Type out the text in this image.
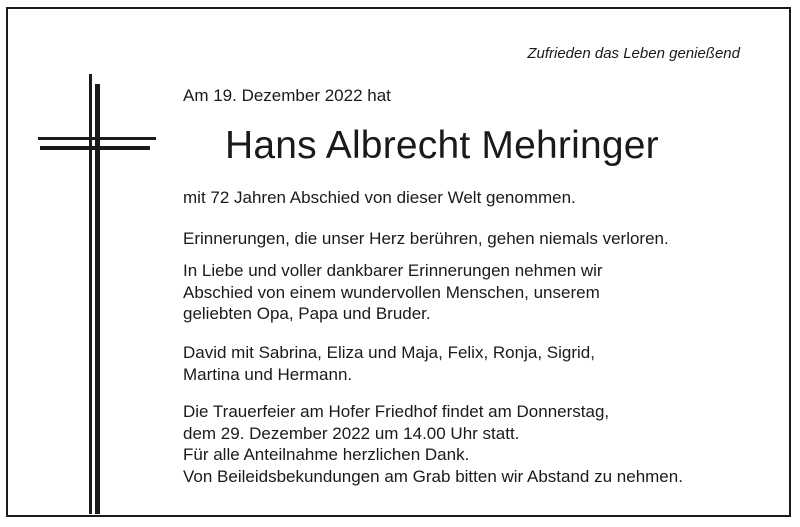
Zufrieden das Leben genießend
Am 19. Dezember 2022 hat
Hans Albrecht Mehringer
mit 72 Jahren Abschied von dieser Welt genommen.
Erinnerungen, die unser Herz berühren, gehen niemals verloren.
In Liebe und voller dankbarer Erinnerungen nehmen wir
Abschied von einem wundervollen Menschen, unserem
geliebten Opa, Papa und Bruder.
David mit Sabrina, Eliza und Maja, Felix, Ronja, Sigrid,
Martina und Hermann.
Die Trauerfeier am Hofer Friedhof findet am Donnerstag,
dem 29. Dezember 2022 um 14.00 Uhr statt.
Für alle Anteilnahme herzlichen Dank.
Von Beileidsbekundungen am Grab bitten wir Abstand zu nehmen.
